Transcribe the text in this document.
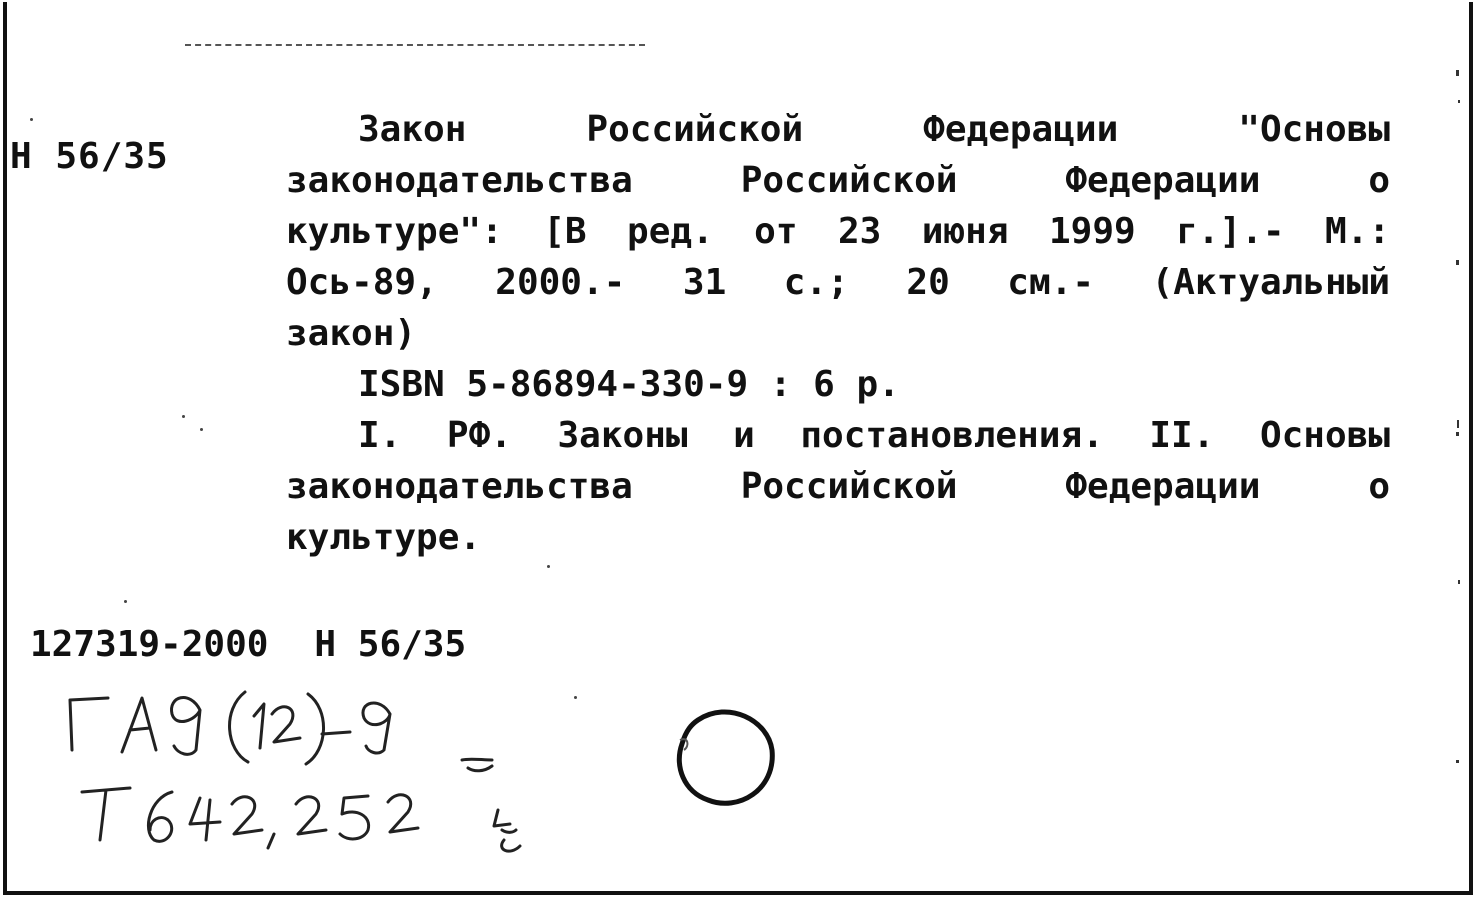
Н 56/35
Закон Российской Федерации "Основы
законодательства Российской Федерации о
культуре": [В ред. от 23 июня 1999 г.].- М.:
Ось-89, 2000.- 31 с.; 20 см.- (Актуальный
закон)
ISBN 5-86894-330-9 : 6 р.
I. РФ. Законы и постановления. II. Основы
законодательства Российской Федерации о
культуре.
127319-2000 Н 56/35
